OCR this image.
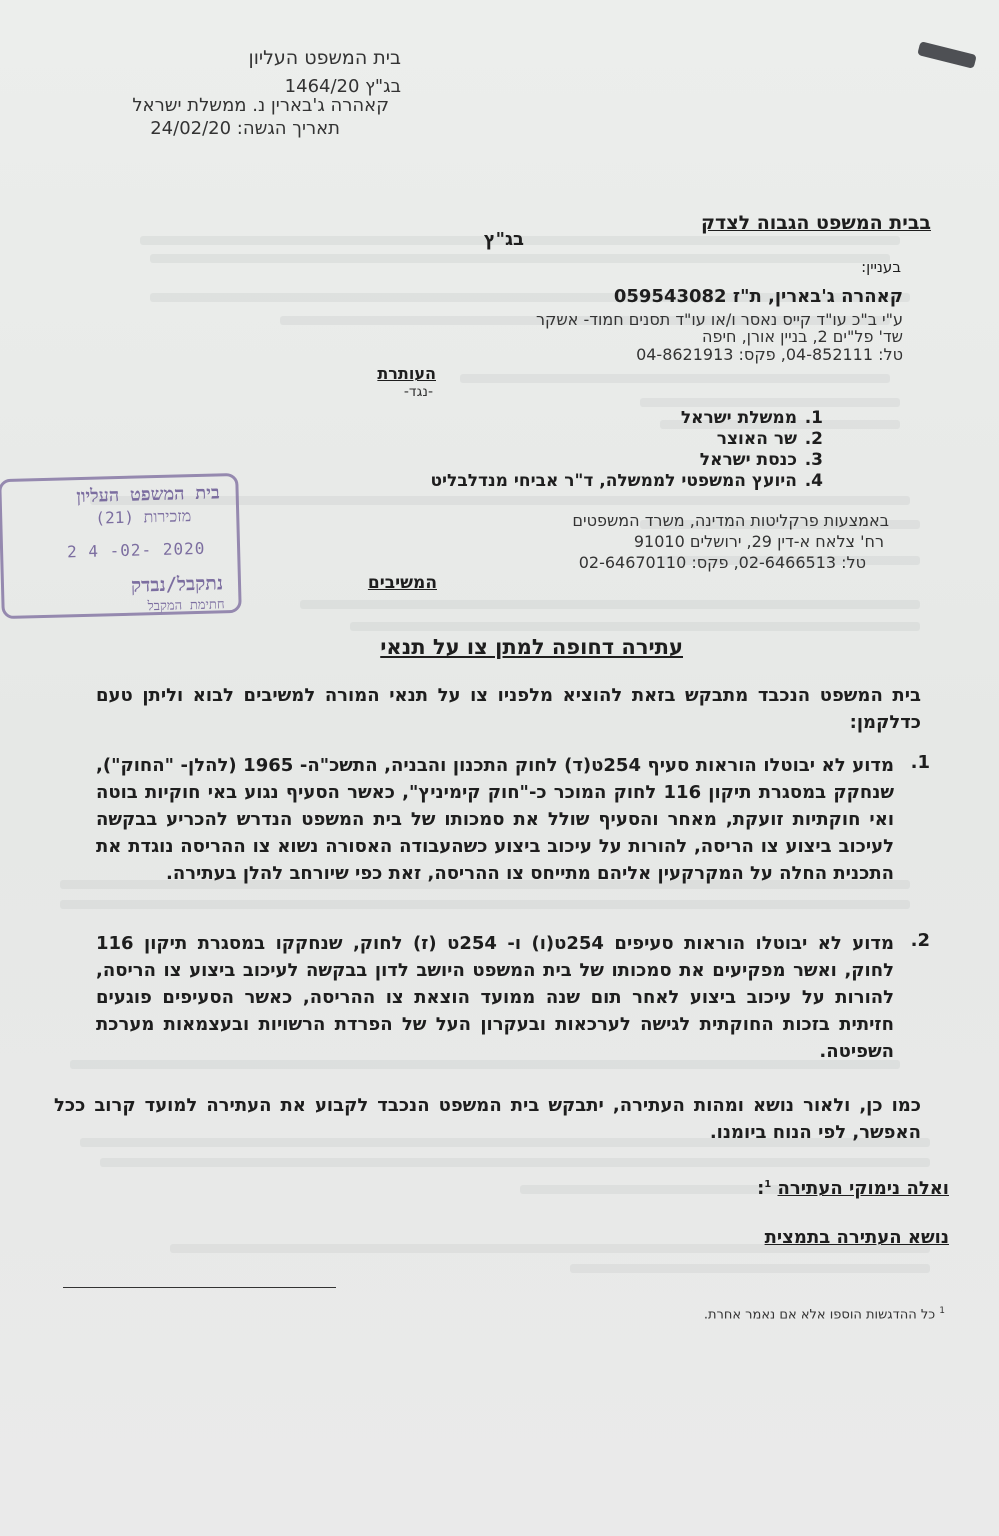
בית המשפט העליון
בג"ץ 1464/20
קאהרה ג'בארין נ. ממשלת ישראל
תאריך הגשה: 24/02/20
בבית המשפט הגבוה לצדק
בג"ץ
בעניין:
קאהרה ג'בארין, ת"ז 059543082
ע"י ב"כ עו"ד קייס נאסר ו/או עו"ד תסנים חמוד- אשקר
שד' פל"ים 2, בניין אורן, חיפה
טל: 04-852111, פקס: 04-8621913
העותרת
-נגד-
1.ממשלת ישראל
2.שר האוצר
3.כנסת ישראל
4.היועץ המשפטי לממשלה, ד"ר אביחי מנדלבליט
באמצעות פרקליטות המדינה, משרד המשפטים
רח' צלאח א-דין 29, ירושלים 91010
טל: 02-6466513, פקס: 02-64670110
המשיבים
בית המשפט העליון
מזכירות (21)
2 4 -02- 2020
נתקבל/נבדק
חתימת המקבל
עתירה דחופה למתן צו על תנאי
בית המשפט הנכבד מתבקש בזאת להוציא מלפניו צו על תנאי המורה למשיבים לבוא וליתן טעם כדלקמן:
1.
מדוע לא יבוטלו הוראות סעיף 254ט(ד) לחוק התכנון והבניה, התשכ"ה- 1965 (להלן- "החוק"), שנחקק במסגרת תיקון 116 לחוק המוכר כ-"חוק קימיניץ", כאשר הסעיף נגוע באי חוקיות בוטה ואי חוקתיות זועקת, מאחר והסעיף שולל את סמכותו של בית המשפט הנדרש להכריע בבקשה לעיכוב ביצוע צו הריסה, להורות על עיכוב ביצוע כשהעבודה האסורה נשוא צו ההריסה נוגדת את התכנית החלה על המקרקעין אליהם מתייחס צו ההריסה, זאת כפי שיורחב להלן בעתירה.
2.
מדוע לא יבוטלו הוראות סעיפים 254ט(ו) ו- 254ט (ז) לחוק, שנחקקו במסגרת תיקון 116 לחוק, ואשר מפקיעים את סמכותו של בית המשפט היושב לדון בבקשה לעיכוב ביצוע צו הריסה, להורות על עיכוב ביצוע לאחר תום שנה ממועד הוצאת צו ההריסה, כאשר הסעיפים פוגעים חזיתית בזכות החוקתית לגישה לערכאות ובעקרון העל של הפרדת הרשויות ובעצמאות מערכת השפיטה.
כמו כן, ולאור נושא ומהות העתירה, יתבקש בית המשפט הנכבד לקבוע את העתירה למועד קרוב ככל האפשר, לפי הנוח ביומנו.
ואלה נימוקי העתירה $^1$:
נושא העתירה בתמצית
$^1$ כל ההדגשות הוספו אלא אם נאמר אחרת.
